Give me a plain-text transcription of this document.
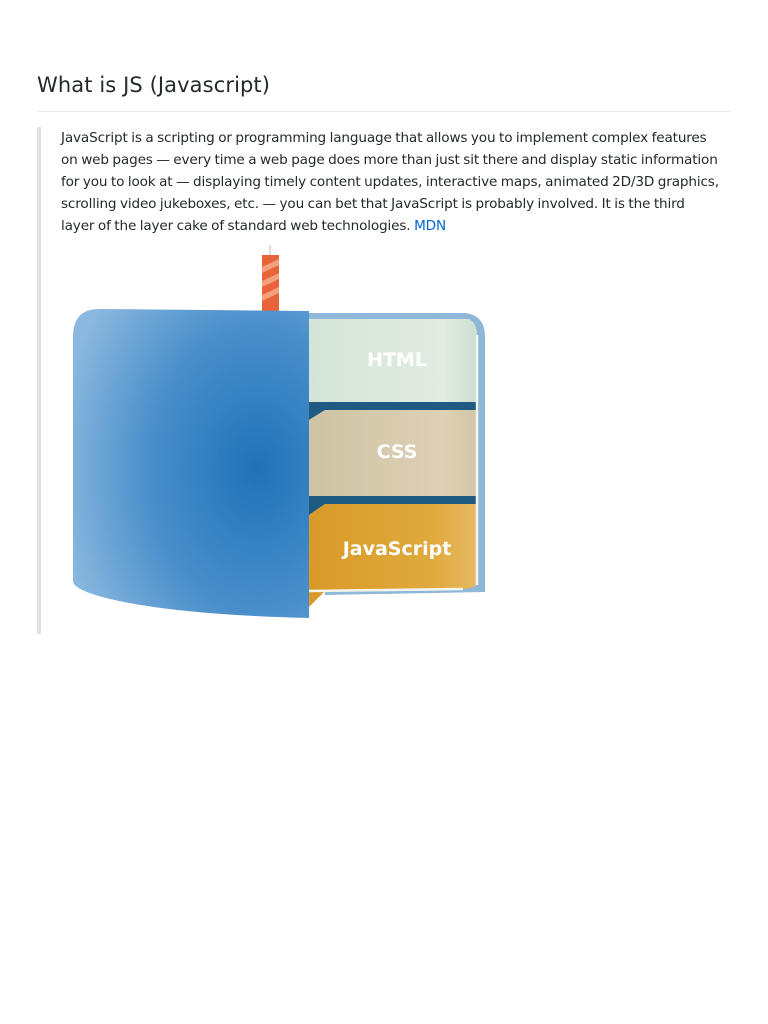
What is JS (Javascript)

JavaScript is a scripting or programming language that allows you to implement complex features on web pages — every time a web page does more than just sit there and display static information for you to look at — displaying timely content updates, interactive maps, animated 2D/3D graphics, scrolling video jukeboxes, etc. — you can bet that JavaScript is probably involved. It is the third layer of the layer cake of standard web technologies. MDN

HTML
CSS
JavaScript
